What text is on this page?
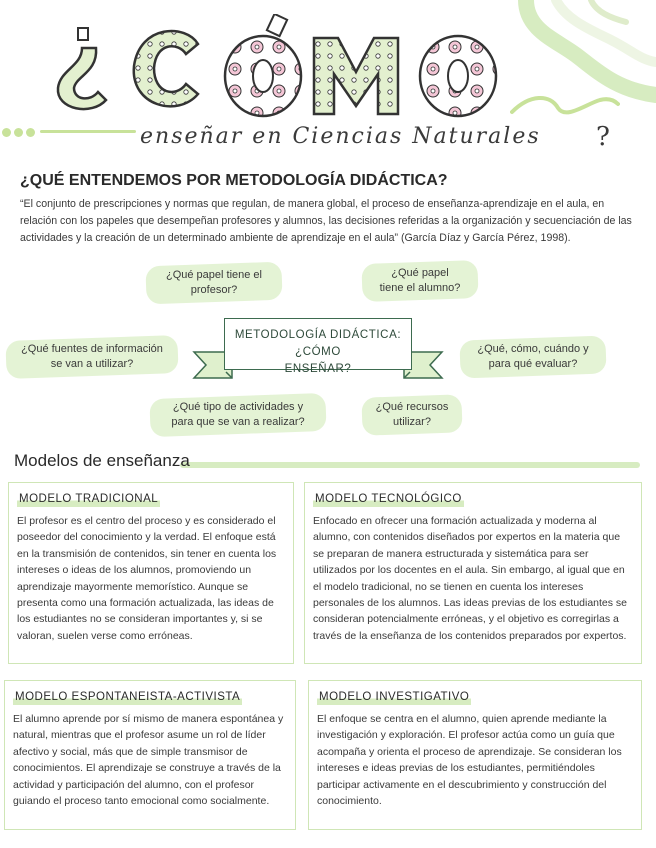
enseñar en Ciencias Naturales ?
¿QUÉ ENTENDEMOS POR METODOLOGÍA DIDÁCTICA?
“El conjunto de prescripciones y normas que regulan, de manera global, el proceso de enseñanza-aprendizaje en el aula, en relación con los papeles que desempeñan profesores y alumnos, las decisiones referidas a la organización y secuenciación de las actividades y la creación de un determinado ambiente de aprendizaje en el aula” (García Díaz y García Pérez, 1998).
METODOLOGÍA DIDÁCTICA: ¿CÓMO
ENSEÑAR?
¿Qué papel tiene el
profesor?
¿Qué papel
tiene el alumno?
¿Qué fuentes de información
se van a utilizar?
¿Qué, cómo, cuándo y
para qué evaluar?
¿Qué tipo de actividades y
para que se van a realizar?
¿Qué recursos
utilizar?
Modelos de enseñanza
MODELO TRADICIONAL

El profesor es el centro del proceso y es considerado el poseedor del conocimiento y la verdad. El enfoque está en la transmisión de contenidos, sin tener en cuenta los intereses o ideas de los alumnos, promoviendo un aprendizaje mayormente memorístico. Aunque se presenta como una formación actualizada, las ideas de los estudiantes no se consideran importantes y, si se valoran, suelen verse como erróneas.

MODELO TECNOLÓGICO

Enfocado en ofrecer una formación actualizada y moderna al alumno, con contenidos diseñados por expertos en la materia que se preparan de manera estructurada y sistemática para ser utilizados por los docentes en el aula. Sin embargo, al igual que en el modelo tradicional, no se tienen en cuenta los intereses personales de los alumnos. Las ideas previas de los estudiantes se consideran potencialmente erróneas, y el objetivo es corregirlas a través de la enseñanza de los contenidos preparados por expertos.

MODELO ESPONTANEISTA-ACTIVISTA

El alumno aprende por sí mismo de manera espontánea y natural, mientras que el profesor asume un rol de líder afectivo y social, más que de simple transmisor de conocimientos. El aprendizaje se construye a través de la actividad y participación del alumno, con el profesor guiando el proceso tanto emocional como socialmente.

MODELO INVESTIGATIVO

El enfoque se centra en el alumno, quien aprende mediante la investigación y exploración. El profesor actúa como un guía que acompaña y orienta el proceso de aprendizaje. Se consideran los intereses e ideas previas de los estudiantes, permitiéndoles participar activamente en el descubrimiento y construcción del conocimiento.
